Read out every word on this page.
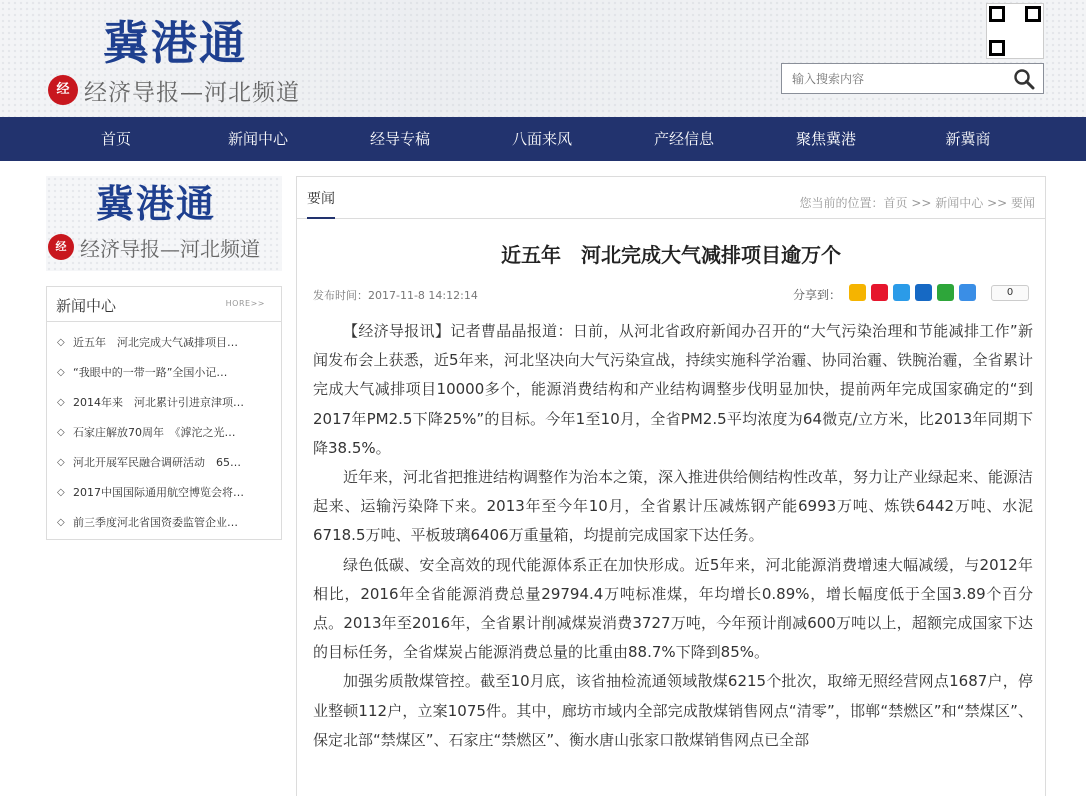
冀港通
经 经济导报—河北频道
输入搜索内容
首页	新闻中心	经导专稿	八面来风	产经信息	聚焦冀港	新冀商
冀港通
经 经济导报—河北频道
新闻中心	HORE>>
◇ 近五年　河北完成大气减排项目…
◇ “我眼中的一带一路”全国小记…
◇ 2014年来　河北累计引进京津项…
◇ 石家庄解放70周年　《滹沱之光…
◇ 河北开展军民融合调研活动　65…
◇ 2017中国国际通用航空博览会将…
◇ 前三季度河北省国资委监管企业…
要闻	您当前的位置：首页 >> 新闻中心 >> 要闻
近五年　河北完成大气减排项目逾万个
发布时间：2017-11-8 14:12:14	分享到：	0

【经济导报讯】记者曹晶晶报道：日前，从河北省政府新闻办召开的“大气污染治理和节能减排工作”新闻发布会上获悉，近5年来，河北坚决向大气污染宣战，持续实施科学治霾、协同治霾、铁腕治霾，全省累计完成大气减排项目10000多个，能源消费结构和产业结构调整步伐明显加快，提前两年完成国家确定的“到2017年PM2.5下降25%”的目标。今年1至10月，全省PM2.5平均浓度为64微克/立方米，比2013年同期下降38.5%。

近年来，河北省把推进结构调整作为治本之策，深入推进供给侧结构性改革，努力让产业绿起来、能源洁起来、运输污染降下来。2013年至今年10月，全省累计压减炼钢产能6993万吨、炼铁6442万吨、水泥6718.5万吨、平板玻璃6406万重量箱，均提前完成国家下达任务。

绿色低碳、安全高效的现代能源体系正在加快形成。近5年来，河北能源消费增速大幅减缓，与2012年相比，2016年全省能源消费总量29794.4万吨标准煤，年均增长0.89%，增长幅度低于全国3.89个百分点。2013年至2016年，全省累计削减煤炭消费3727万吨，今年预计削减600万吨以上，超额完成国家下达的目标任务，全省煤炭占能源消费总量的比重由88.7%下降到85%。

加强劣质散煤管控。截至10月底，该省抽检流通领域散煤6215个批次，取缔无照经营网点1687户，停业整顿112户，立案1075件。其中，廊坊市域内全部完成散煤销售网点“清零”，邯郸“禁燃区”和“禁煤区”、保定北部“禁煤区”、石家庄“禁燃区”、衡水唐山张家口散煤销售网点已全部
